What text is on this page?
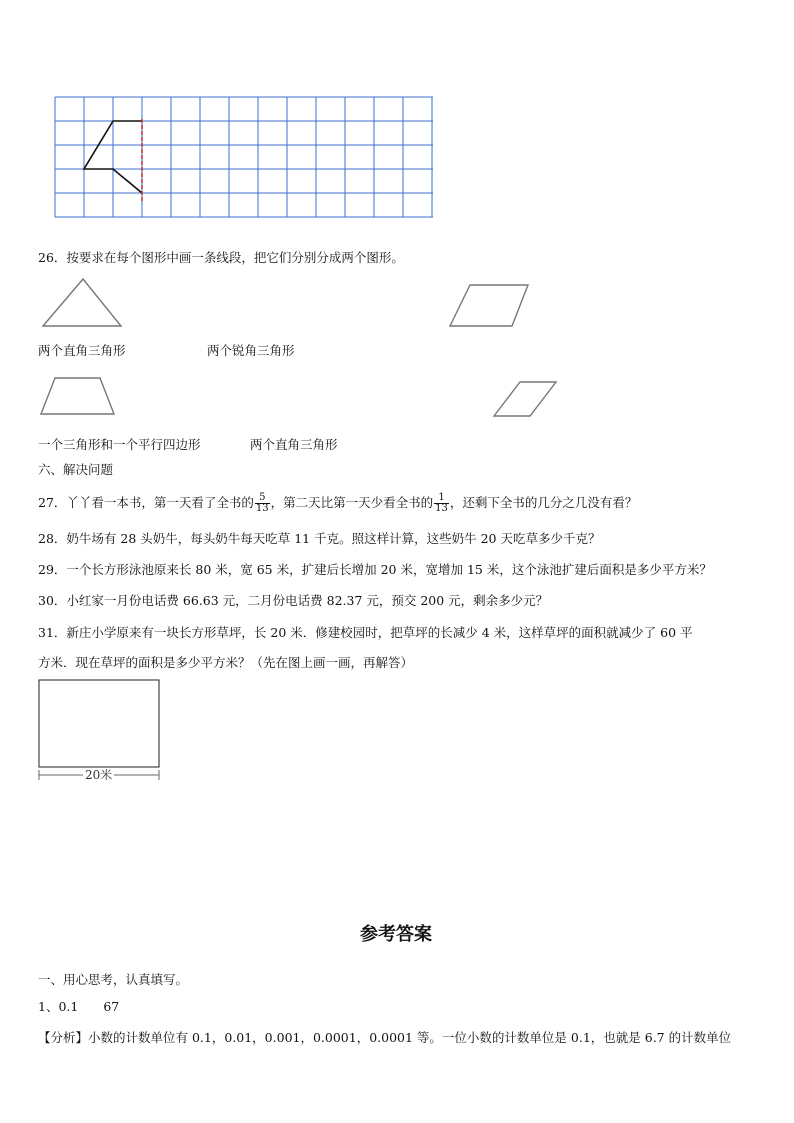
26．按要求在每个图形中画一条线段，把它们分别分成两个图形。
两个直角三角形	两个锐角三角形
一个三角形和一个平行四边形	两个直角三角形
六、解决问题
27．丫丫看一本书，第一天看了全书的 $\frac{5}{13}$ ，第二天比第一天少看全书的 $\frac{1}{13}$ ，还剩下全书的几分之几没有看？
28．奶牛场有 28 头奶牛，每头奶牛每天吃草 11 千克。照这样计算，这些奶牛 20 天吃草多少千克？
29．一个长方形泳池原来长 80 米，宽 65 米，扩建后长增加 20 米，宽增加 15 米，这个泳池扩建后面积是多少平方米？
30．小红家一月份电话费 66.63 元，二月份电话费 82.37 元，预交 200 元，剩余多少元？
31．新庄小学原来有一块长方形草坪，长 20 米．修建校园时，把草坪的长减少 4 米，这样草坪的面积就减少了 60 平
方米．现在草坪的面积是多少平方米？（先在图上画一画，再解答）
20米
参考答案
一、用心思考，认真填写。
1、0.1　　67
【分析】小数的计数单位有 0.1，0.01，0.001，0.0001，0.0001 等。一位小数的计数单位是 0.1，也就是 6.7 的计数单位
